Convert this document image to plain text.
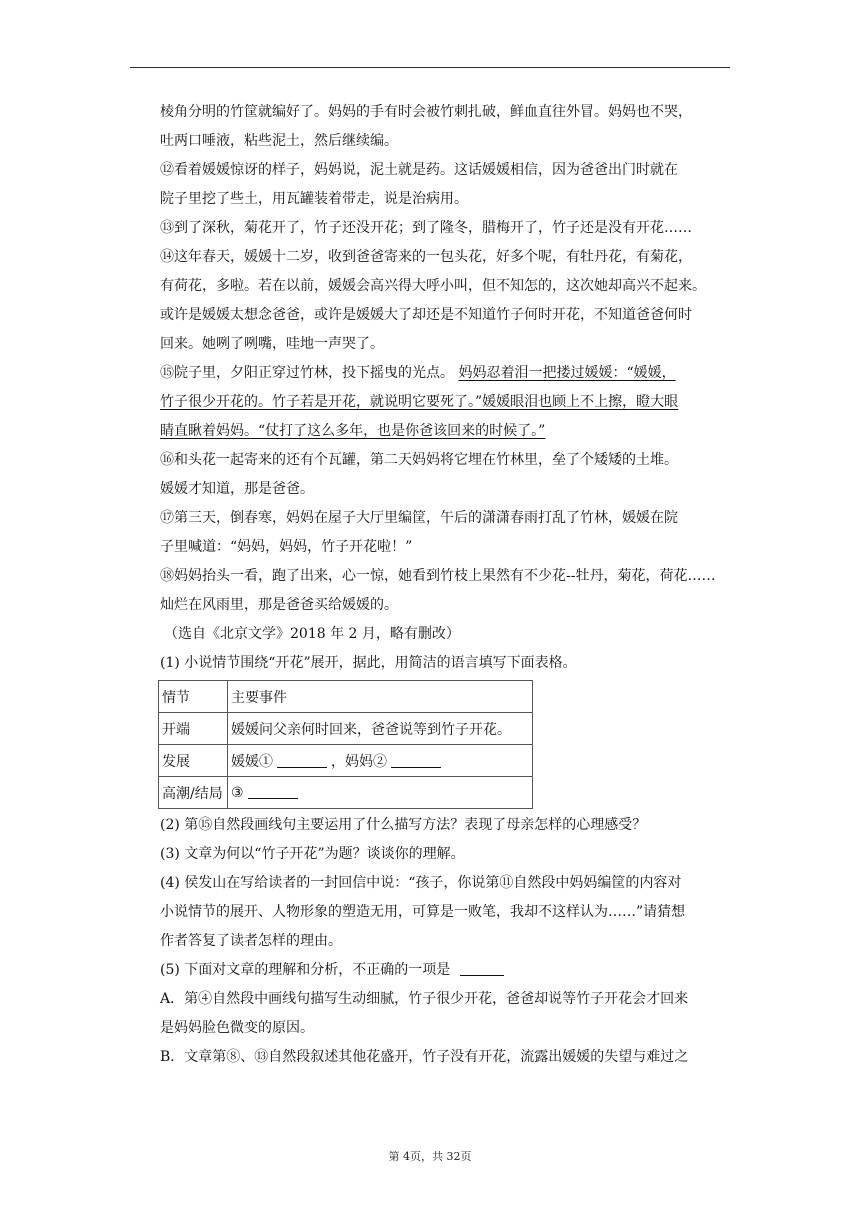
棱角分明的竹筐就编好了。妈妈的手有时会被竹刺扎破，鲜血直往外冒。妈妈也不哭，
吐两口唾液，粘些泥土，然后继续编。
⑫看着媛媛惊讶的样子，妈妈说，泥土就是药。这话媛媛相信，因为爸爸出门时就在
院子里挖了些土，用瓦罐装着带走，说是治病用。
⑬到了深秋，菊花开了，竹子还没开花；到了隆冬，腊梅开了，竹子还是没有开花……
⑭这年春天，媛媛十二岁，收到爸爸寄来的一包头花，好多个呢，有牡丹花，有菊花，
有荷花，多啦。若在以前，媛媛会高兴得大呼小叫，但不知怎的，这次她却高兴不起来。
或许是媛媛太想念爸爸，或许是媛媛大了却还是不知道竹子何时开花，不知道爸爸何时
回来。她咧了咧嘴，哇地一声哭了。
⑮院子里，夕阳正穿过竹林，投下摇曳的光点。 妈妈忍着泪一把搂过媛媛：“媛媛，
竹子很少开花的。竹子若是开花，就说明它要死了。”媛媛眼泪也顾上不上擦，瞪大眼
睛直瞅着妈妈。“仗打了这么多年，也是你爸该回来的时候了。”
⑯和头花一起寄来的还有个瓦罐，第二天妈妈将它埋在竹林里，垒了个矮矮的土堆。
媛媛才知道，那是爸爸。
⑰第三天，倒春寒，妈妈在屋子大厅里编筐，午后的潇潇春雨打乱了竹林，媛媛在院
子里喊道：“妈妈，妈妈，竹子开花啦！”
⑱妈妈抬头一看，跑了出来，心一惊，她看到竹枝上果然有不少花--牡丹，菊花，荷花……
灿烂在风雨里，那是爸爸买给媛媛的。
（选自《北京文学》2018 年 2 月，略有删改）
(1) 小说情节围绕“开花”展开，据此，用简洁的语言填写下面表格。
情节	主要事件
开端	媛媛问父亲何时回来，爸爸说等到竹子开花。
发展	媛媛① ，妈妈②
高潮/结局	③
(2) 第⑮自然段画线句主要运用了什么描写方法？表现了母亲怎样的心理感受？
(3) 文章为何以“竹子开花”为题？谈谈你的理解。
(4) 侯发山在写给读者的一封回信中说：“孩子，你说第⑪自然段中妈妈编筐的内容对
小说情节的展开、人物形象的塑造无用，可算是一败笔，我却不这样认为……”请猜想
作者答复了读者怎样的理由。
(5) 下面对文章的理解和分析，不正确的一项是
A．第④自然段中画线句描写生动细腻，竹子很少开花，爸爸却说等竹子开花会才回来
是妈妈脸色微变的原因。
B．文章第⑧、⑬自然段叙述其他花盛开，竹子没有开花，流露出媛媛的失望与难过之
第 4页，共 32页
